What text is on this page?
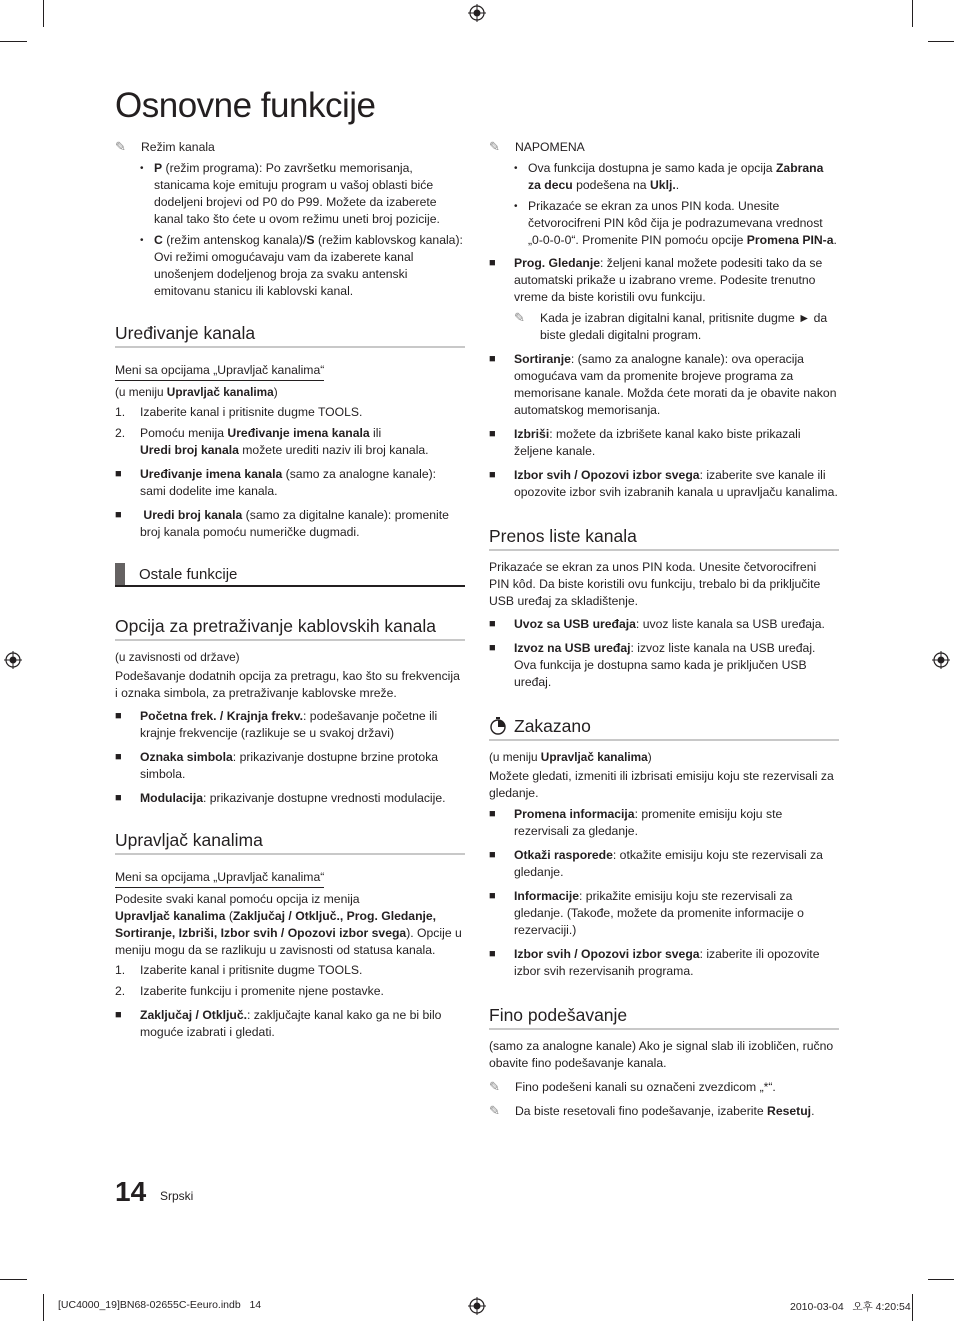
Osnovne funkcije
✎	Režim kanala
• P (režim programa): Po završetku memorisanja, stanicama koje emituju program u vašoj oblasti biće dodeljeni brojevi od P0 do P99. Možete da izaberete kanal tako što ćete u ovom režimu uneti broj pozicije.
• C (režim antenskog kanala)/S (režim kablovskog kanala): Ovi režimi omogućavaju vam da izaberete kanal unošenjem dodeljenog broja za svaku antenski emitovanu stanicu ili kablovski kanal.
Uređivanje kanala
Meni sa opcijama „Upravljač kanalima“

(u meniju Upravljač kanalima)

1.	Izaberite kanal i pritisnite dugme TOOLS.
2.	Pomoću menija Uređivanje imena kanala ili
Uredi broj kanala možete urediti naziv ili broj kanala.
■	Uređivanje imena kanala (samo za analogne kanale): sami dodelite ime kanala.
■	Uredi broj kanala (samo za digitalne kanale): promenite broj kanala pomoću numeričke dugmadi.
Ostale funkcije
Opcija za pretraživanje kablovskih kanala

(u zavisnosti od države)

Podešavanje dodatnih opcija za pretragu, kao što su frekvencija i oznaka simbola, za pretraživanje kablovske mreže.

■	Početna frek. / Krajnja frekv.: podešavanje početne ili krajnje frekvencije (razlikuje se u svakoj državi)
■	Oznaka simbola: prikazivanje dostupne brzine protoka simbola.
■	Modulacija: prikazivanje dostupne vrednosti modulacije.
Upravljač kanalima
Meni sa opcijama „Upravljač kanalima“

Podesite svaki kanal pomoću opcija iz menija
Upravljač kanalima (Zaključaj / Otključ., Prog. Gledanje, Sortiranje, Izbriši, Izbor svih / Opozovi izbor svega). Opcije u meniju mogu da se razlikuju u zavisnosti od statusa kanala.

1.	Izaberite kanal i pritisnite dugme TOOLS.
2.	Izaberite funkciju i promenite njene postavke.
■	Zaključaj / Otključ.: zaključajte kanal kako ga ne bi bilo moguće izabrati i gledati.
✎	NAPOMENA
• Ova funkcija dostupna je samo kada je opcija Zabrana za decu podešena na Uklj..
• Prikazaće se ekran za unos PIN koda. Unesite četvorocifreni PIN kôd čija je podrazumevana vrednost „0-0-0-0“. Promenite PIN pomoću opcije Promena PIN-a.
■	Prog. Gledanje: željeni kanal možete podesiti tako da se automatski prikaže u izabrano vreme. Podesite trenutno vreme da biste koristili ovu funkciju.
✎	Kada je izabran digitalni kanal, pritisnite dugme ► da biste gledali digitalni program.
■	Sortiranje: (samo za analogne kanale): ova operacija omogućava vam da promenite brojeve programa za memorisane kanale. Možda ćete morati da je obavite nakon automatskog memorisanja.
■	Izbriši: možete da izbrišete kanal kako biste prikazali željene kanale.
■	Izbor svih / Opozovi izbor svega: izaberite sve kanale ili opozovite izbor svih izabranih kanala u upravljaču kanalima.
Prenos liste kanala

Prikazaće se ekran za unos PIN koda. Unesite četvorocifreni PIN kôd. Da biste koristili ovu funkciju, trebalo bi da priključite USB uređaj za skladištenje.

■	Uvoz sa USB uređaja: uvoz liste kanala sa USB uređaja.
■	Izvoz na USB uređaj: izvoz liste kanala na USB uređaj. Ova funkcija je dostupna samo kada je priključen USB uređaj.
Zakazano

(u meniju Upravljač kanalima)

Možete gledati, izmeniti ili izbrisati emisiju koju ste rezervisali za gledanje.

■	Promena informacija: promenite emisiju koju ste rezervisali za gledanje.
■	Otkaži rasporede: otkažite emisiju koju ste rezervisali za gledanje.
■	Informacije: prikažite emisiju koju ste rezervisali za gledanje. (Takođe, možete da promenite informacije o rezervaciji.)
■	Izbor svih / Opozovi izbor svega: izaberite ili opozovite izbor svih rezervisanih programa.
Fino podešavanje

(samo za analogne kanale) Ako je signal slab ili izobličen, ručno obavite fino podešavanje kanala.

✎	Fino podešeni kanali su označeni zvezdicom „*“.
✎	Da biste resetovali fino podešavanje, izaberite Resetuj.
14 Srpski
[UC4000_19]BN68-02655C-Eeuro.indb   14	2010-03-04   오후 4:20:54
